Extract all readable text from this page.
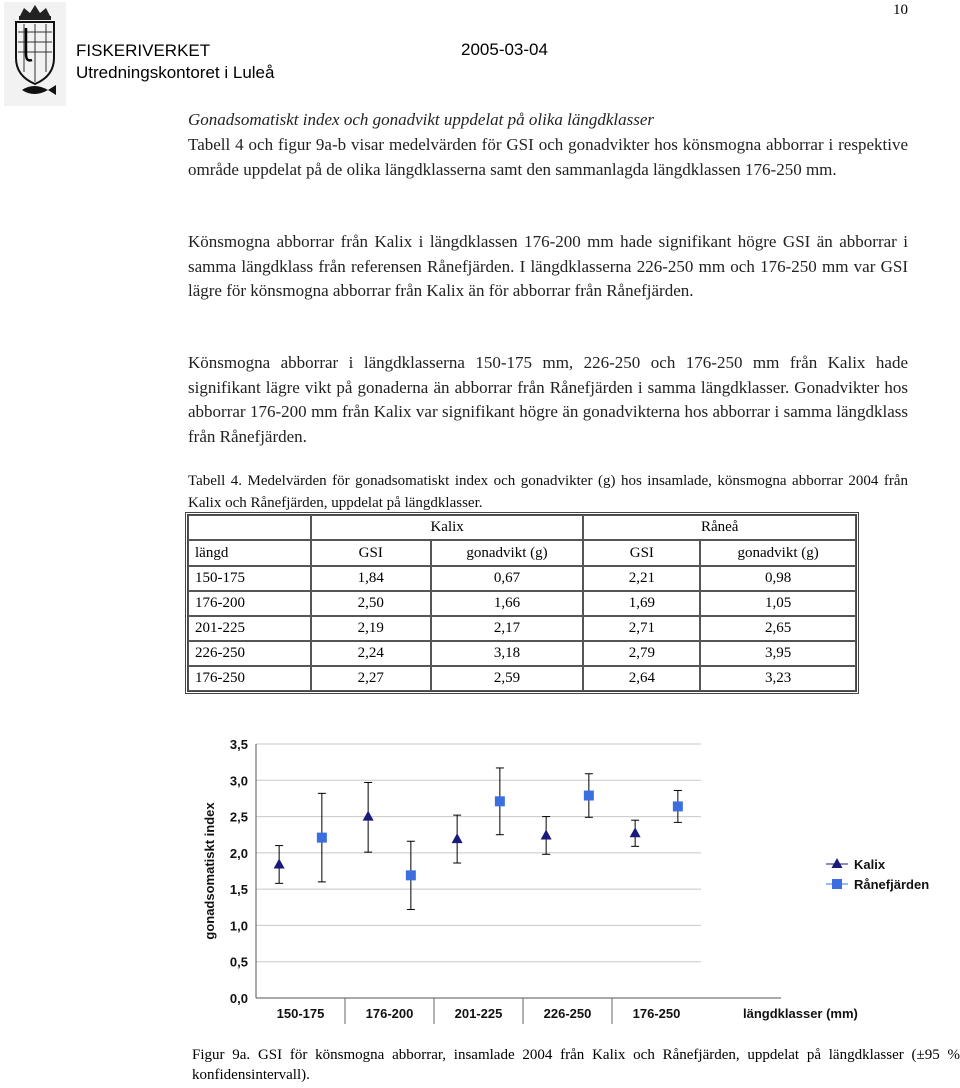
FISKERIVERKET
Utredningskontoret i Luleå
2005-03-04
10
Gonadsomatiskt index och gonadvikt uppdelat på olika längdklasser
Tabell 4 och figur 9a-b visar medelvärden för GSI och gonadvikter hos könsmogna abborrar i respektive område uppdelat på de olika längdklasserna samt den sammanlagda längdklassen 176-250 mm.
Könsmogna abborrar från Kalix i längdklassen 176-200 mm hade signifikant högre GSI än abborrar i samma längdklass från referensen Rånefjärden. I längdklasserna 226-250 mm och 176-250 mm var GSI lägre för könsmogna abborrar från Kalix än för abborrar från Rånefjärden.
Könsmogna abborrar i längdklasserna 150-175 mm, 226-250 och 176-250 mm från Kalix hade signifikant lägre vikt på gonaderna än abborrar från Rånefjärden i samma längdklasser. Gonadvikter hos abborrar 176-200 mm från Kalix var signifikant högre än gonadvikterna hos abborrar i samma längdklass från Rånefjärden.
Tabell 4. Medelvärden för gonadsomatiskt index och gonadvikter (g) hos insamlade, könsmogna abborrar 2004 från Kalix och Rånefjärden, uppdelat på längdklasser.
	Kalix		Råneå	
längd	GSI	gonadvikt (g)	GSI	gonadvikt (g)
150-175	1,84	0,67	2,21	0,98
176-200	2,50	1,66	1,69	1,05
201-225	2,19	2,17	2,71	2,65
226-250	2,24	3,18	2,79	3,95
176-250	2,27	2,59	2,64	3,23
0,0
0,5
1,0
1,5
2,0
2,5
3,0
3,5
150-175	176-200	201-225	226-250	176-250	längdklasser (mm)
gonadsomatiskt index	Kalix
Rånefjärden
Figur 9a. GSI för könsmogna abborrar, insamlade 2004 från Kalix och Rånefjärden, uppdelat på längdklasser (±95 % konfidensintervall).
